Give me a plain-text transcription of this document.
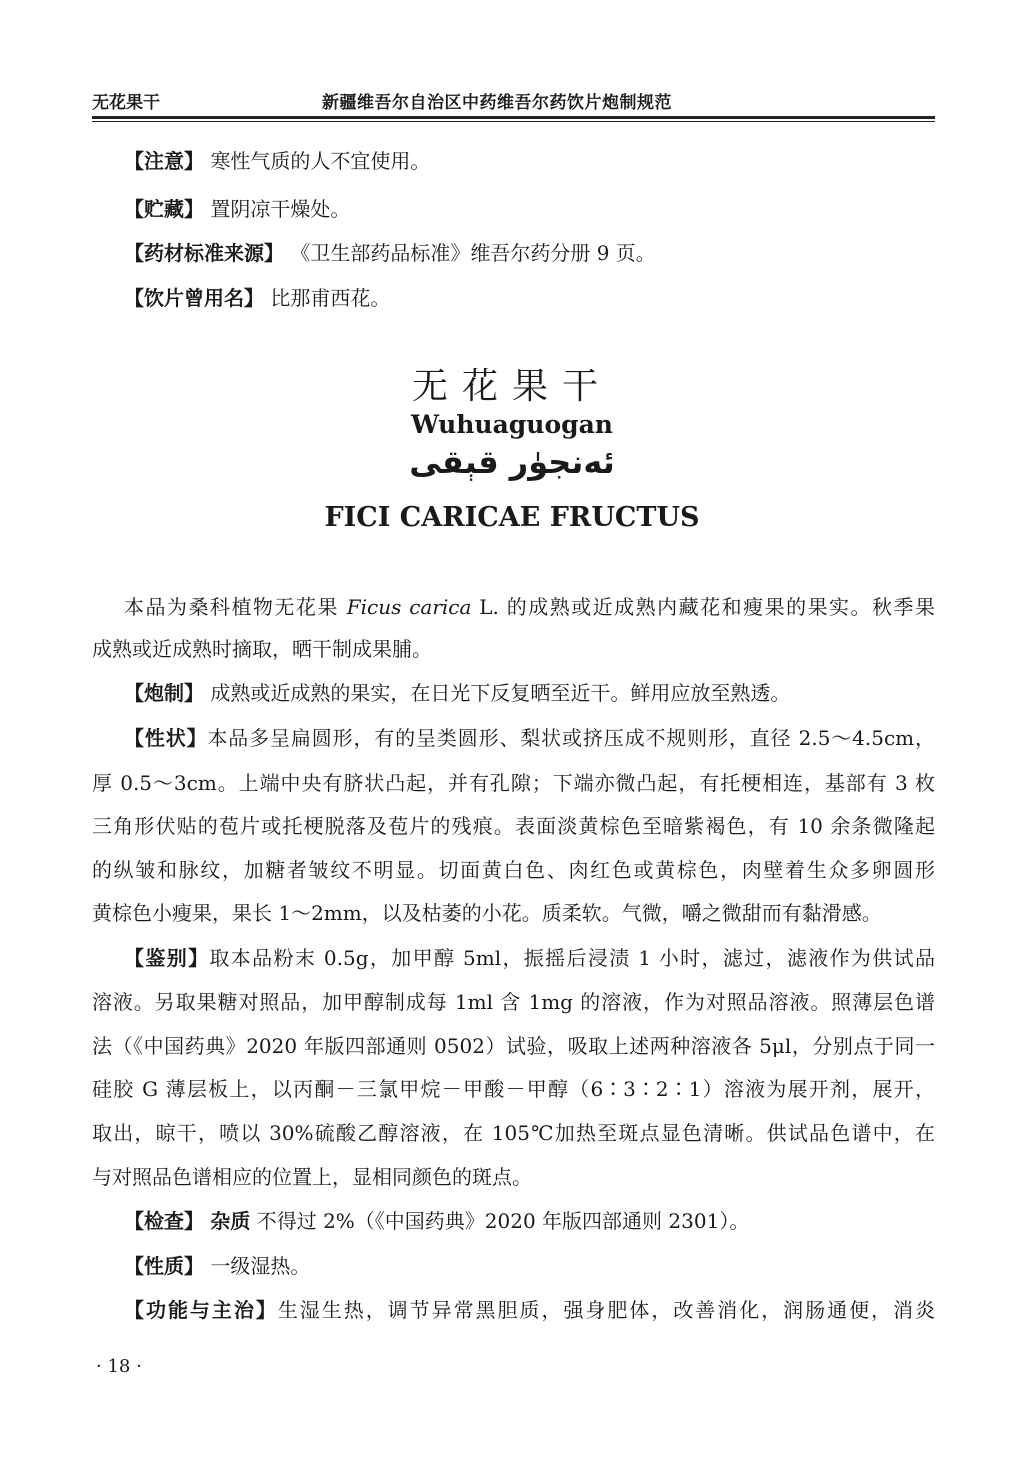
无花果干	新疆维吾尔自治区中药维吾尔药饮片炮制规范
【注意】 寒性气质的人不宜使用。
【贮藏】 置阴凉干燥处。
【药材标准来源】 《卫生部药品标准》维吾尔药分册 9 页。
【饮片曾用名】 比那甫西花。
无花果干
Wuhuaguogan
ئەنجۈر قېقى
FICI CARICAE FRUCTUS
本品为桑科植物无花果 Ficus carica L. 的成熟或近成熟内藏花和瘦果的果实。秋季果
成熟或近成熟时摘取，晒干制成果脯。
【炮制】 成熟或近成熟的果实，在日光下反复晒至近干。鲜用应放至熟透。
【性状】本品多呈扁圆形，有的呈类圆形、梨状或挤压成不规则形，直径 2.5～4.5cm，
厚 0.5～3cm。上端中央有脐状凸起，并有孔隙；下端亦微凸起，有托梗相连，基部有 3 枚
三角形伏贴的苞片或托梗脱落及苞片的残痕。表面淡黄棕色至暗紫褐色，有 10 余条微隆起
的纵皱和脉纹，加糖者皱纹不明显。切面黄白色、肉红色或黄棕色，肉壁着生众多卵圆形
黄棕色小瘦果，果长 1～2mm，以及枯萎的小花。质柔软。气微，嚼之微甜而有黏滑感。
【鉴别】取本品粉末 0.5g，加甲醇 5ml，振摇后浸渍 1 小时，滤过，滤液作为供试品
溶液。另取果糖对照品，加甲醇制成每 1ml 含 1mg 的溶液，作为对照品溶液。照薄层色谱
法（《中国药典》2020 年版四部通则 0502）试验，吸取上述两种溶液各 5μl，分别点于同一
硅胶 G 薄层板上，以丙酮－三氯甲烷－甲酸－甲醇（6∶3∶2∶1）溶液为展开剂，展开，
取出，晾干，喷以 30%硫酸乙醇溶液，在 105℃加热至斑点显色清晰。供试品色谱中，在
与对照品色谱相应的位置上，显相同颜色的斑点。
【检查】 杂质 不得过 2%（《中国药典》2020 年版四部通则 2301）。
【性质】 一级湿热。
【功能与主治】生湿生热，调节异常黑胆质，强身肥体，改善消化，润肠通便，消炎
· 18 ·
